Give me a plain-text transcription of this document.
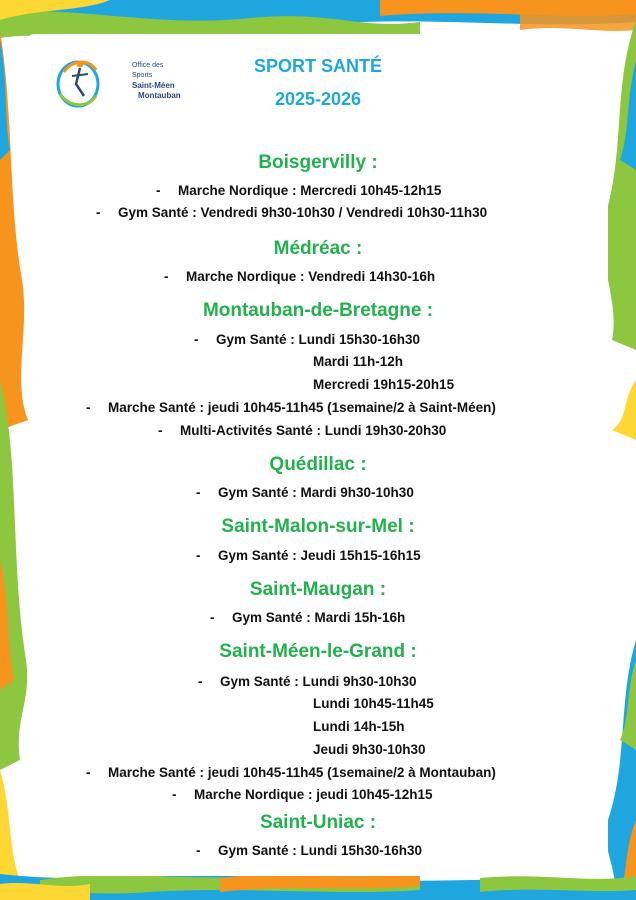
Office des Sports
Saint-Méen
Montauban
SPORT SANTÉ
2025-2026
Boisgervilly :
- Marche Nordique : Mercredi 10h45-12h15
- Gym Santé : Vendredi 9h30-10h30 / Vendredi 10h30-11h30
Médréac :
- Marche Nordique : Vendredi 14h30-16h
Montauban-de-Bretagne :
- Gym Santé : Lundi 15h30-16h30
Mardi 11h-12h
Mercredi 19h15-20h15
- Marche Santé : jeudi 10h45-11h45 (1semaine/2 à Saint-Méen)
- Multi-Activités Santé : Lundi 19h30-20h30
Quédillac :
- Gym Santé : Mardi 9h30-10h30
Saint-Malon-sur-Mel :
- Gym Santé : Jeudi 15h15-16h15
Saint-Maugan :
- Gym Santé : Mardi 15h-16h
Saint-Méen-le-Grand :
- Gym Santé : Lundi 9h30-10h30
Lundi 10h45-11h45
Lundi 14h-15h
Jeudi 9h30-10h30
- Marche Santé : jeudi 10h45-11h45 (1semaine/2 à Montauban)
- Marche Nordique : jeudi 10h45-12h15
Saint-Uniac :
- Gym Santé : Lundi 15h30-16h30
